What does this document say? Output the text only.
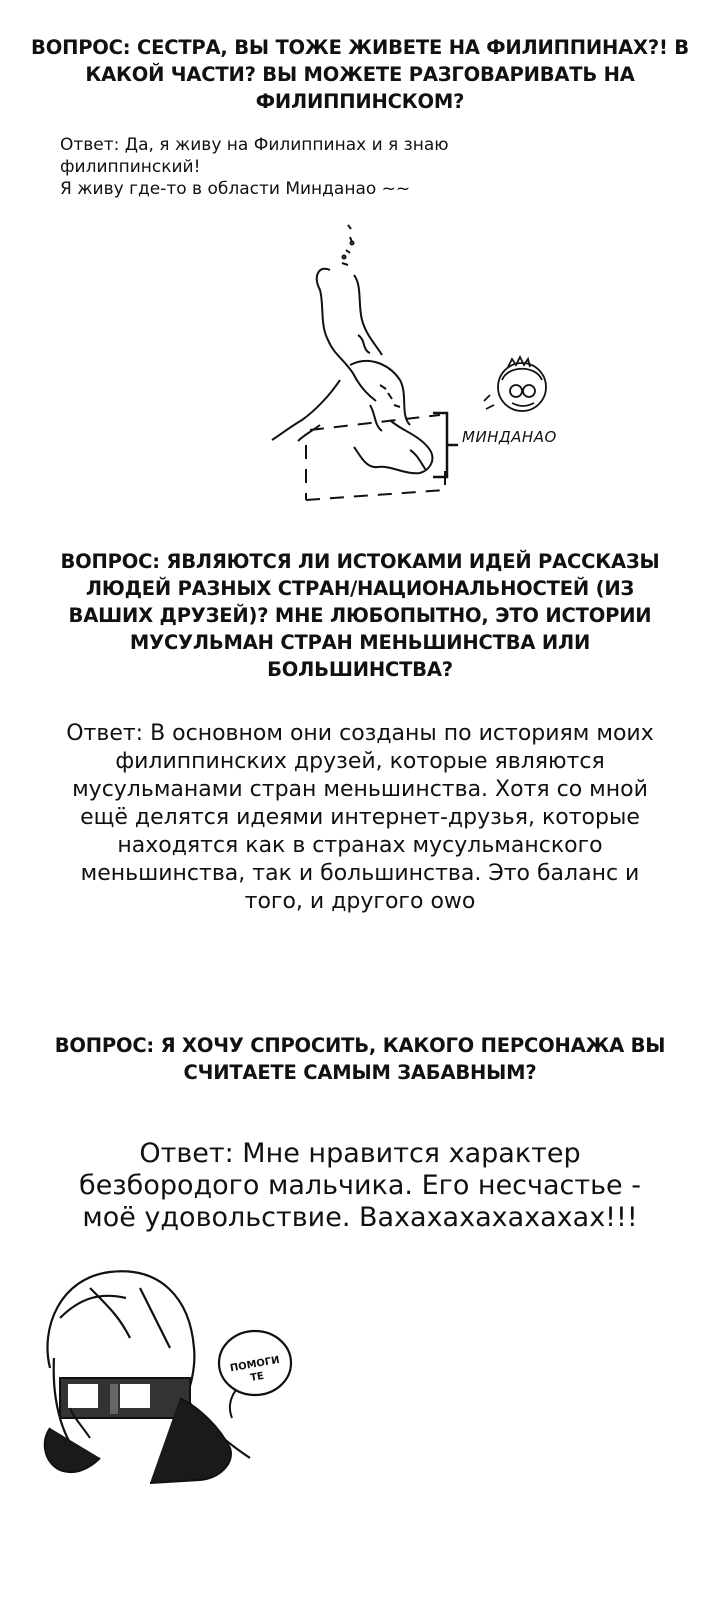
ВОПРОС: СЕСТРА, ВЫ ТОЖЕ ЖИВЕТЕ НА ФИЛИППИНАХ?! В КАКОЙ ЧАСТИ? ВЫ МОЖЕТЕ РАЗГОВАРИВАТЬ НА ФИЛИППИНСКОМ?
Ответ: Да, я живу на Филиппинах и я знаю
филиппинский!
Я живу где-то в области Минданао ~~
МИНДАНАО
ВОПРОС: ЯВЛЯЮТСЯ ЛИ ИСТОКАМИ ИДЕЙ РАССКАЗЫ ЛЮДЕЙ РАЗНЫХ СТРАН/НАЦИОНАЛЬНОСТЕЙ (ИЗ ВАШИХ ДРУЗЕЙ)? МНЕ ЛЮБОПЫТНО, ЭТО ИСТОРИИ МУСУЛЬМАН СТРАН МЕНЬШИНСТВА ИЛИ БОЛЬШИНСТВА?
Ответ: В основном они созданы по историям моих филиппинских друзей, которые являются мусульманами стран меньшинства. Хотя со мной ещё делятся идеями интернет-друзья, которые находятся как в странах мусульманского меньшинства, так и большинства. Это баланс и того, и другого owo
ВОПРОС: Я ХОЧУ СПРОСИТЬ, КАКОГО ПЕРСОНАЖА ВЫ СЧИТАЕТЕ САМЫМ ЗАБАВНЫМ?
Ответ: Мне нравится характер безбородого мальчика. Его несчастье - моё удовольствие. Вахахахахахахах!!!
ПОМОГИ
ТЕ
